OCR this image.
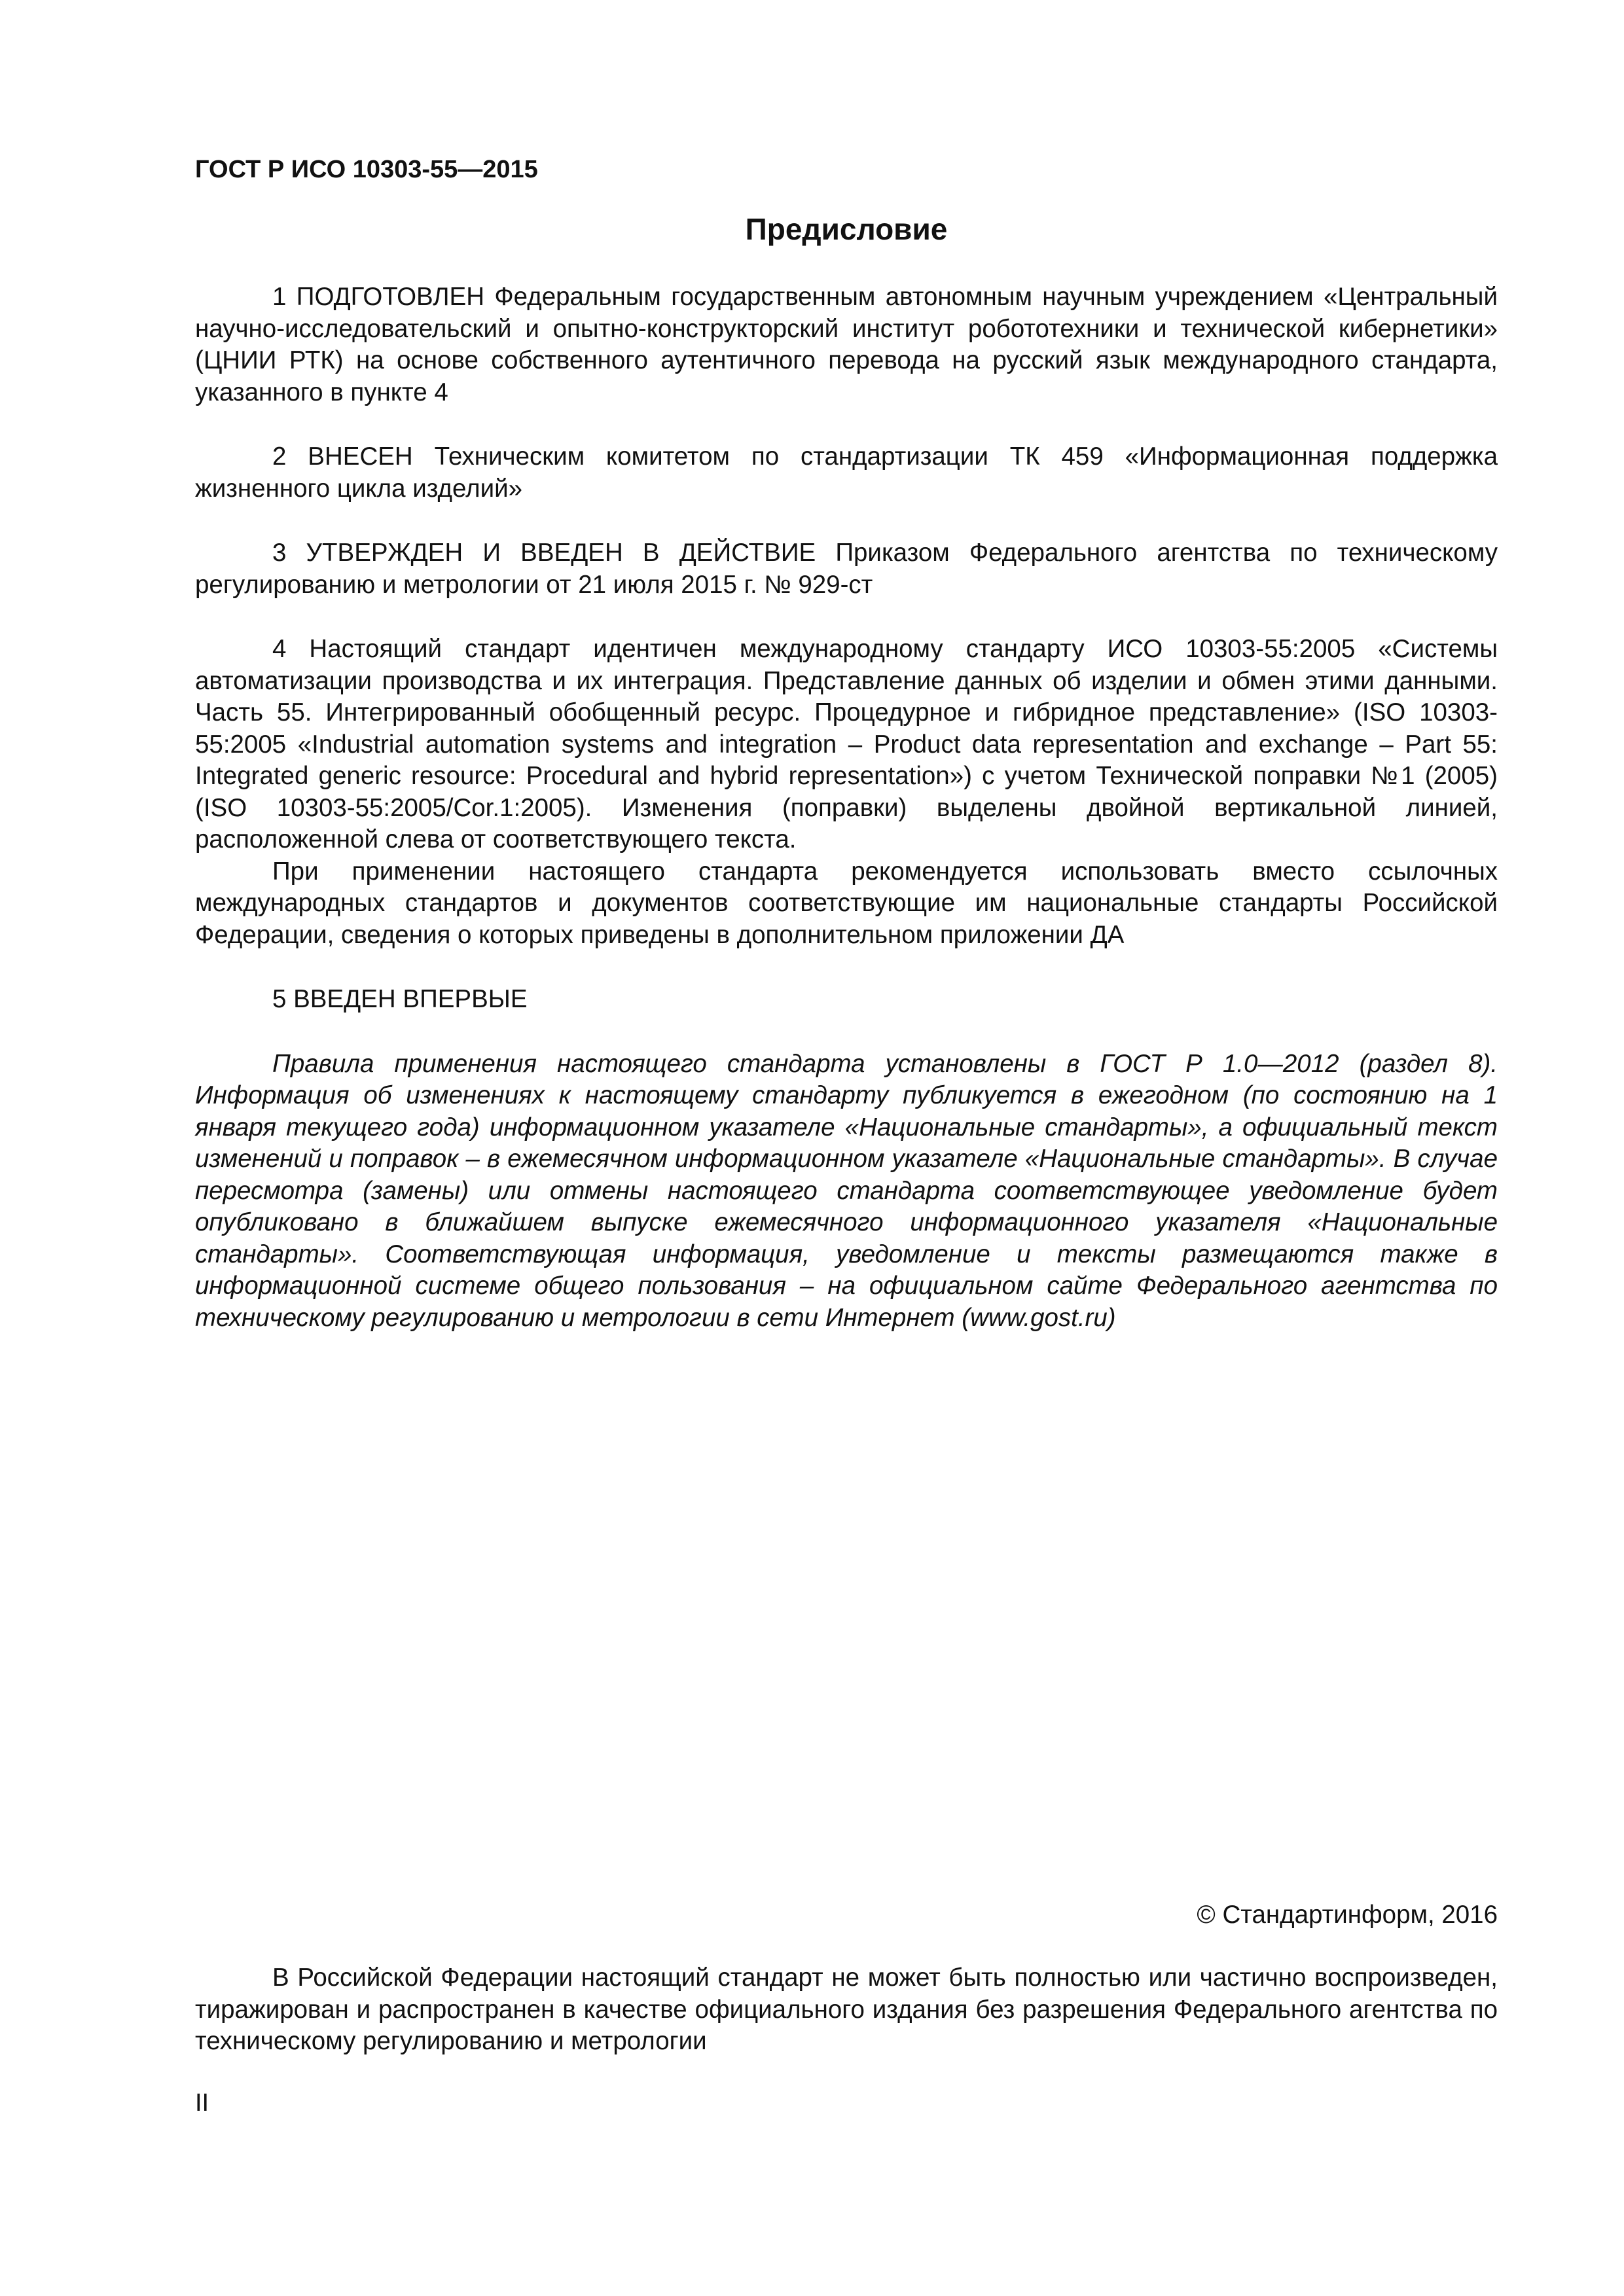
ГОСТ Р ИСО 10303-55—2015
Предисловие

1 ПОДГОТОВЛЕН Федеральным государственным автономным научным учреждением «Центральный научно-исследовательский и опытно-конструкторский институт робототехники и технической кибернетики» (ЦНИИ РТК) на основе собственного аутентичного перевода на русский язык международного стандарта, указанного в пункте 4

2 ВНЕСЕН Техническим комитетом по стандартизации ТК 459 «Информационная поддержка жизненного цикла изделий»

3 УТВЕРЖДЕН И ВВЕДЕН В ДЕЙСТВИЕ Приказом Федерального агентства по техническому регулированию и метрологии от 21 июля 2015 г. № 929-ст

4 Настоящий стандарт идентичен международному стандарту ИСО 10303-55:2005 «Системы автоматизации производства и их интеграция. Представление данных об изделии и обмен этими данными. Часть 55. Интегрированный обобщенный ресурс. Процедурное и гибридное представление» (ISO 10303-55:2005 «Industrial automation systems and integration – Product data representation and exchange – Part 55: Integrated generic resource: Procedural and hybrid representation») с учетом Технической поправки №1 (2005) (ISO 10303-55:2005/Cor.1:2005). Изменения (поправки) выделены двойной вертикальной линией, расположенной слева от соответствующего текста.

При применении настоящего стандарта рекомендуется использовать вместо ссылочных международных стандартов и документов соответствующие им национальные стандарты Российской Федерации, сведения о которых приведены в дополнительном приложении ДА

5 ВВЕДЕН ВПЕРВЫЕ

Правила применения настоящего стандарта установлены в ГОСТ Р 1.0—2012 (раздел 8). Информация об изменениях к настоящему стандарту публикуется в ежегодном (по состоянию на 1 января текущего года) информационном указателе «Национальные стандарты», а официальный текст изменений и поправок – в ежемесячном информационном указателе «Национальные стандарты». В случае пересмотра (замены) или отмены настоящего стандарта соответствующее уведомление будет опубликовано в ближайшем выпуске ежемесячного информационного указателя «Национальные стандарты». Соответствующая информация, уведомление и тексты размещаются также в информационной системе общего пользования – на официальном сайте Федерального агентства по техническому регулированию и метрологии в сети Интернет (www.gost.ru)

© Стандартинформ, 2016

В Российской Федерации настоящий стандарт не может быть полностью или частично воспроизведен, тиражирован и распространен в качестве официального издания без разрешения Федерального агентства по техническому регулированию и метрологии

II
